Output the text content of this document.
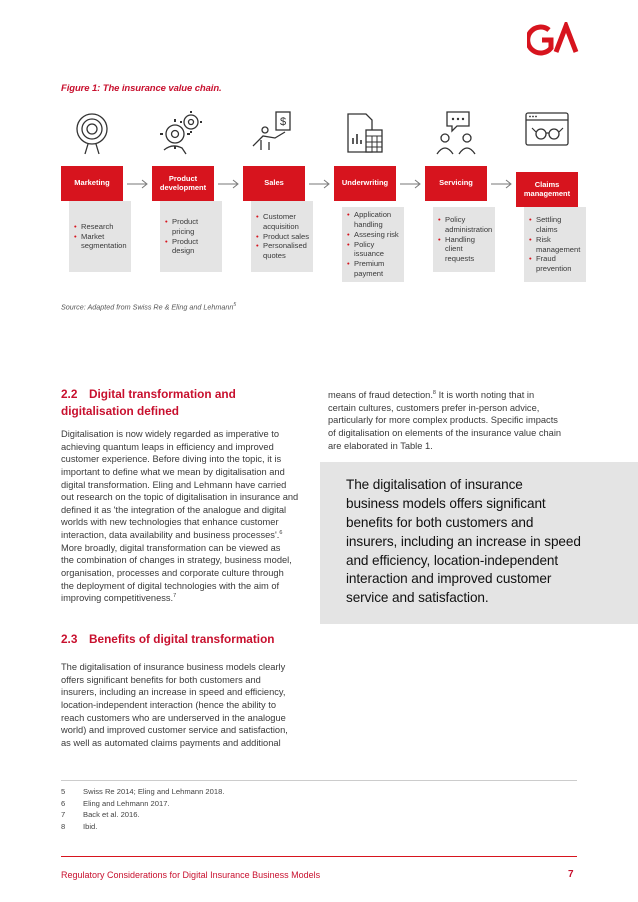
Figure 1: The insurance value chain.
Marketing
• Research
• Market segmentation
Product development
• Product pricing
• Product design
$
Sales
• Customer acquisition
• Product sales
• Personalised quotes
Underwriting
• Application handling
• Assesing risk
• Policy issuance
• Premium payment
Servicing
• Policy administration
• Handling client requests
Claims management
• Settling claims
• Risk management
• Fraud prevention
Source: Adapted from Swiss Re & Eling and Lehmann$^5$
2.2 Digital transformation and
digitalisation defined
Digitalisation is now widely regarded as imperative to
achieving quantum leaps in efficiency and improved
customer experience. Before diving into the topic, it is
important to define what we mean by digitalisation and
digital transformation. Eling and Lehmann have carried
out research on the topic of digitalisation in insurance and
defined it as 'the integration of the analogue and digital
worlds with new technologies that enhance customer
interaction, data availability and business processes'.$^6$
More broadly, digital transformation can be viewed as
the combination of changes in strategy, business model,
organisation, processes and corporate culture through
the deployment of digital technologies with the aim of
improving competitiveness.$^7$
2.3 Benefits of digital transformation
The digitalisation of insurance business models clearly
offers significant benefits for both customers and
insurers, including an increase in speed and efficiency,
location-independent interaction (hence the ability to
reach customers who are underserved in the analogue
world) and improved customer service and satisfaction,
as well as automated claims payments and additional
means of fraud detection.$^8$ It is worth noting that in
certain cultures, customers prefer in-person advice,
particularly for more complex products. Specific impacts
of digitalisation on elements of the insurance value chain
are elaborated in Table 1.
The digitalisation of insurance
business models offers significant
benefits for both customers and
insurers, including an increase in speed
and efficiency, location-independent
interaction and improved customer
service and satisfaction.
5	Swiss Re 2014; Eling and Lehmann 2018.
6	Eling and Lehmann 2017.
7	Back et al. 2016.
8	Ibid.
Regulatory Considerations for Digital Insurance Business Models	7
